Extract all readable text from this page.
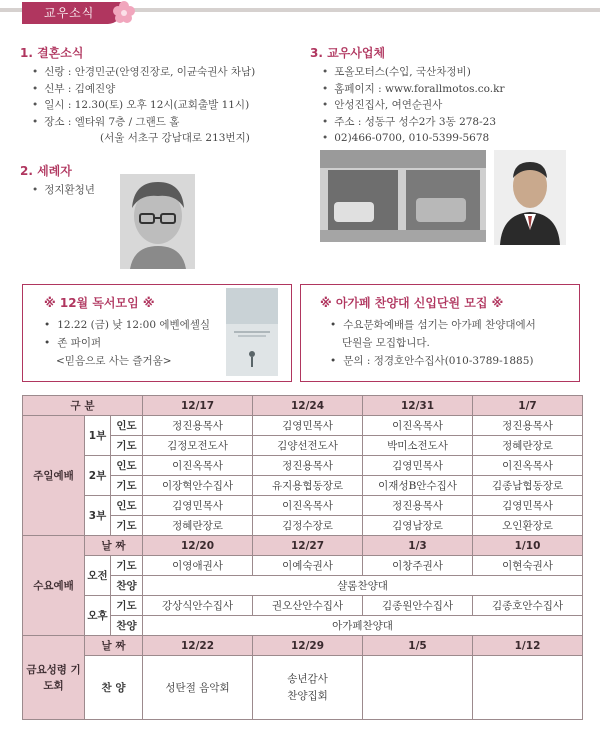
교우소식
1. 결혼소식
• 신랑 : 안경민군(안영진장로, 이균숙권사 차남)
• 신부 : 김예진양
• 일시 : 12.30(토) 오후 12시(교회출발 11시)
• 장소 : 엘타워 7층 / 그랜드 홀
(서울 서초구 강남대로 213번지)
2. 세례자
• 정지환청년
3. 교우사업체
• 포올모터스(수입, 국산차정비)
• 홈페이지 : www.forallmotos.co.kr
• 안성진집사, 여연순권사
• 주소 : 성동구 성수2가 3동 278-23
• 02)466-0700, 010-5399-5678
※ 12월 독서모임 ※
• 12.22 (금) 낮 12:00 에벤에셀실
• 존 파이퍼
<믿음으로 사는 즐거움>
※ 아가페 찬양대 신입단원 모집 ※
• 수요문화예배를 섬기는 아가페 찬양대에서
단원을 모집합니다.
• 문의 : 정경호안수집사(010-3789-1885)
구 분			12/17	12/24	12/31	1/7
주일예배	1부	인도	정진용목사	김영민목사	이진옥목사	정진용목사
		기도	김정모전도사	김양선전도사	박미소전도사	정혜란장로
	2부	인도	이진옥목사	정진용목사	김영민목사	이진옥목사
		기도	이장혁안수집사	유지용협동장로	이재성B안수집사	김종남협동장로
	3부	인도	김영민목사	이진옥목사	정진용목사	김영민목사
		기도	정혜란장로	김정수장로	김영남장로	오인환장로
수요예배	날 짜		12/20	12/27	1/3	1/10
	오전	기도	이영애권사	이예숙권사	이창주권사	이현숙권사
		찬양	샬롬찬양대			
	오후	기도	강상식안수집사	권오산안수집사	김종원안수집사	김종호안수집사
		찬양	아가페찬양대			
금요성령 기도회	날 짜		12/22	12/29	1/5	1/12
	찬 양		성탄절 음악회	송년감사
찬양집회		
